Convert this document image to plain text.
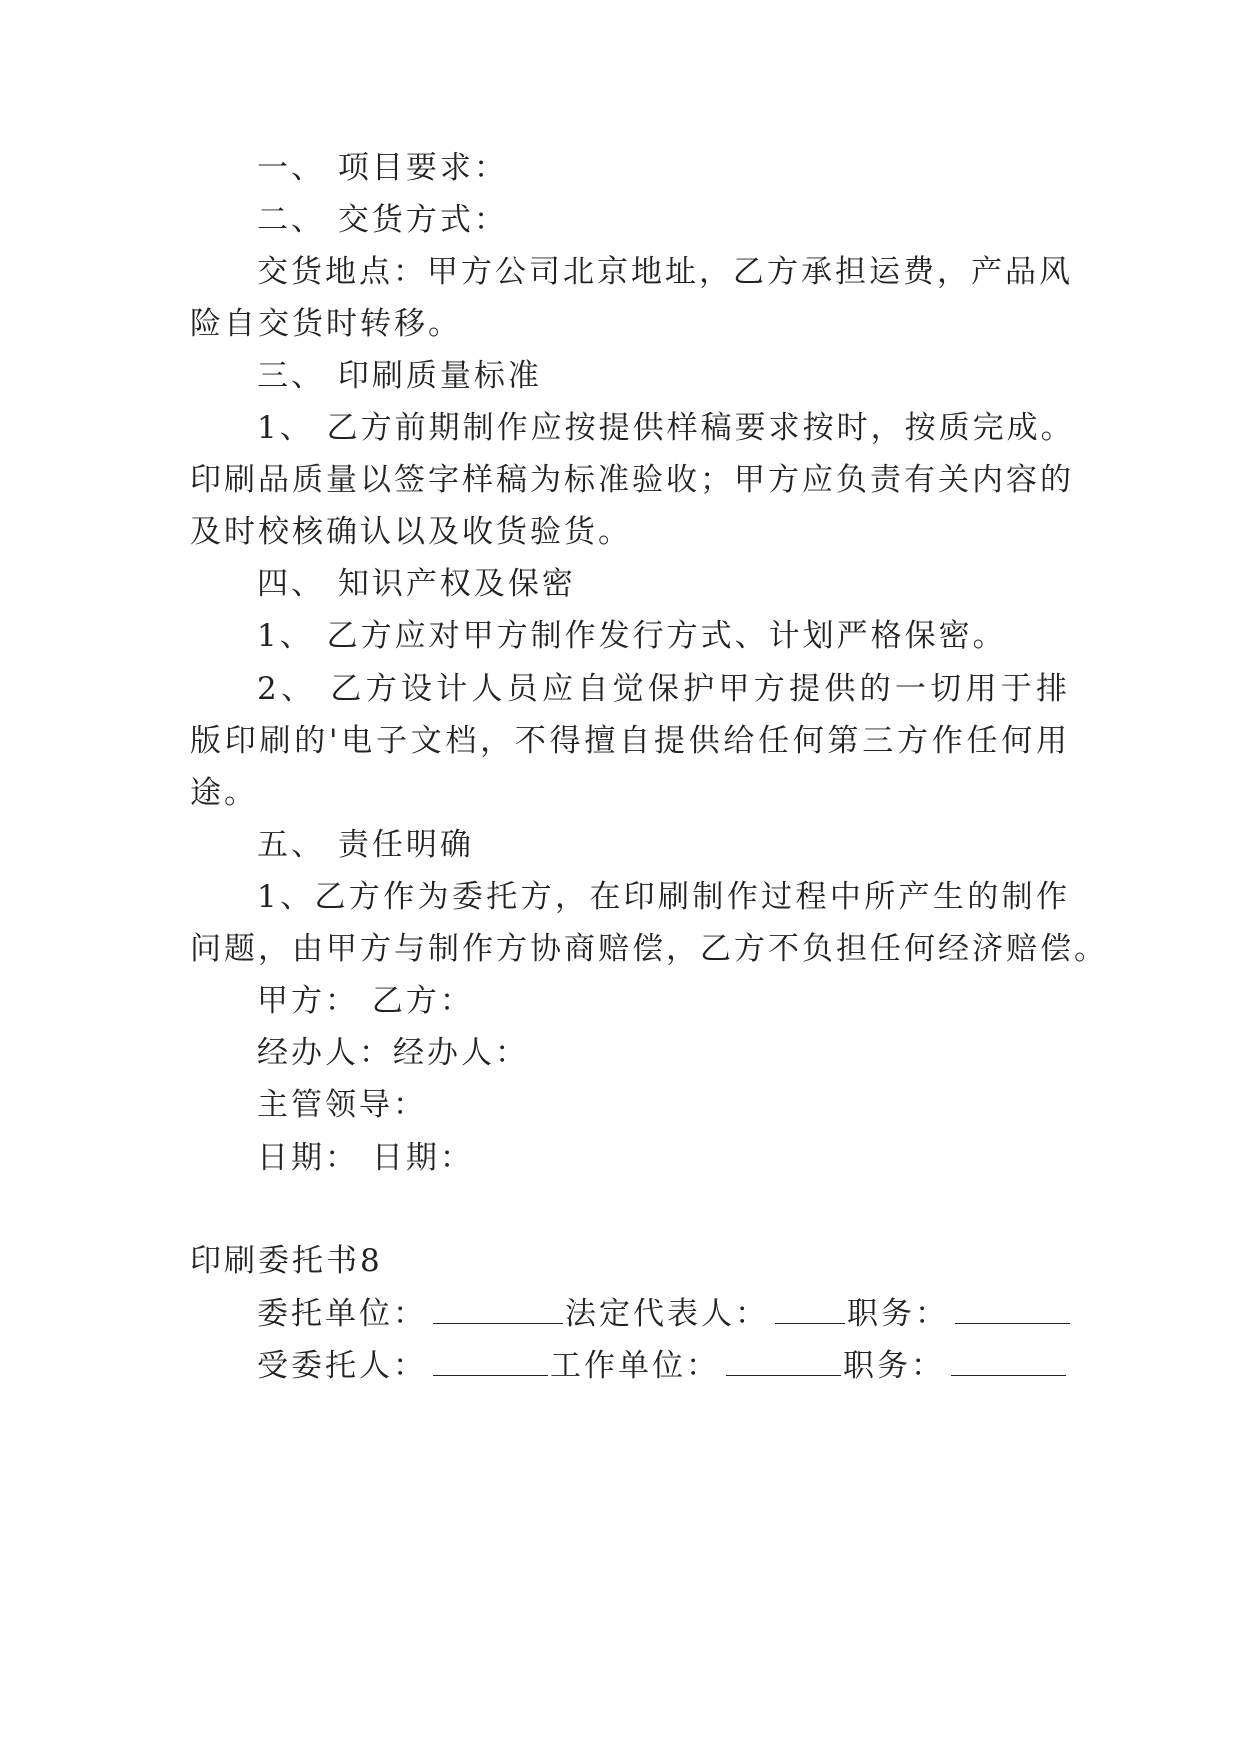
一、 项目要求：
二、 交货方式：
交货地点：甲方公司北京地址，乙方承担运费，产品风
险自交货时转移。
三、 印刷质量标准
1、 乙方前期制作应按提供样稿要求按时，按质完成。
印刷品质量以签字样稿为标准验收；甲方应负责有关内容的
及时校核确认以及收货验货。
四、 知识产权及保密
1、 乙方应对甲方制作发行方式、计划严格保密。
2、 乙方设计人员应自觉保护甲方提供的一切用于排
版印刷的'电子文档，不得擅自提供给任何第三方作任何用
途。
五、 责任明确
1、乙方作为委托方，在印刷制作过程中所产生的制作
问题，由甲方与制作方协商赔偿，乙方不负担任何经济赔偿。
甲方： 乙方：
经办人：经办人：
主管领导：
日期： 日期：
印刷委托书8
委托单位：	法定代表人：	职务：
受委托人：	工作单位：	职务：
